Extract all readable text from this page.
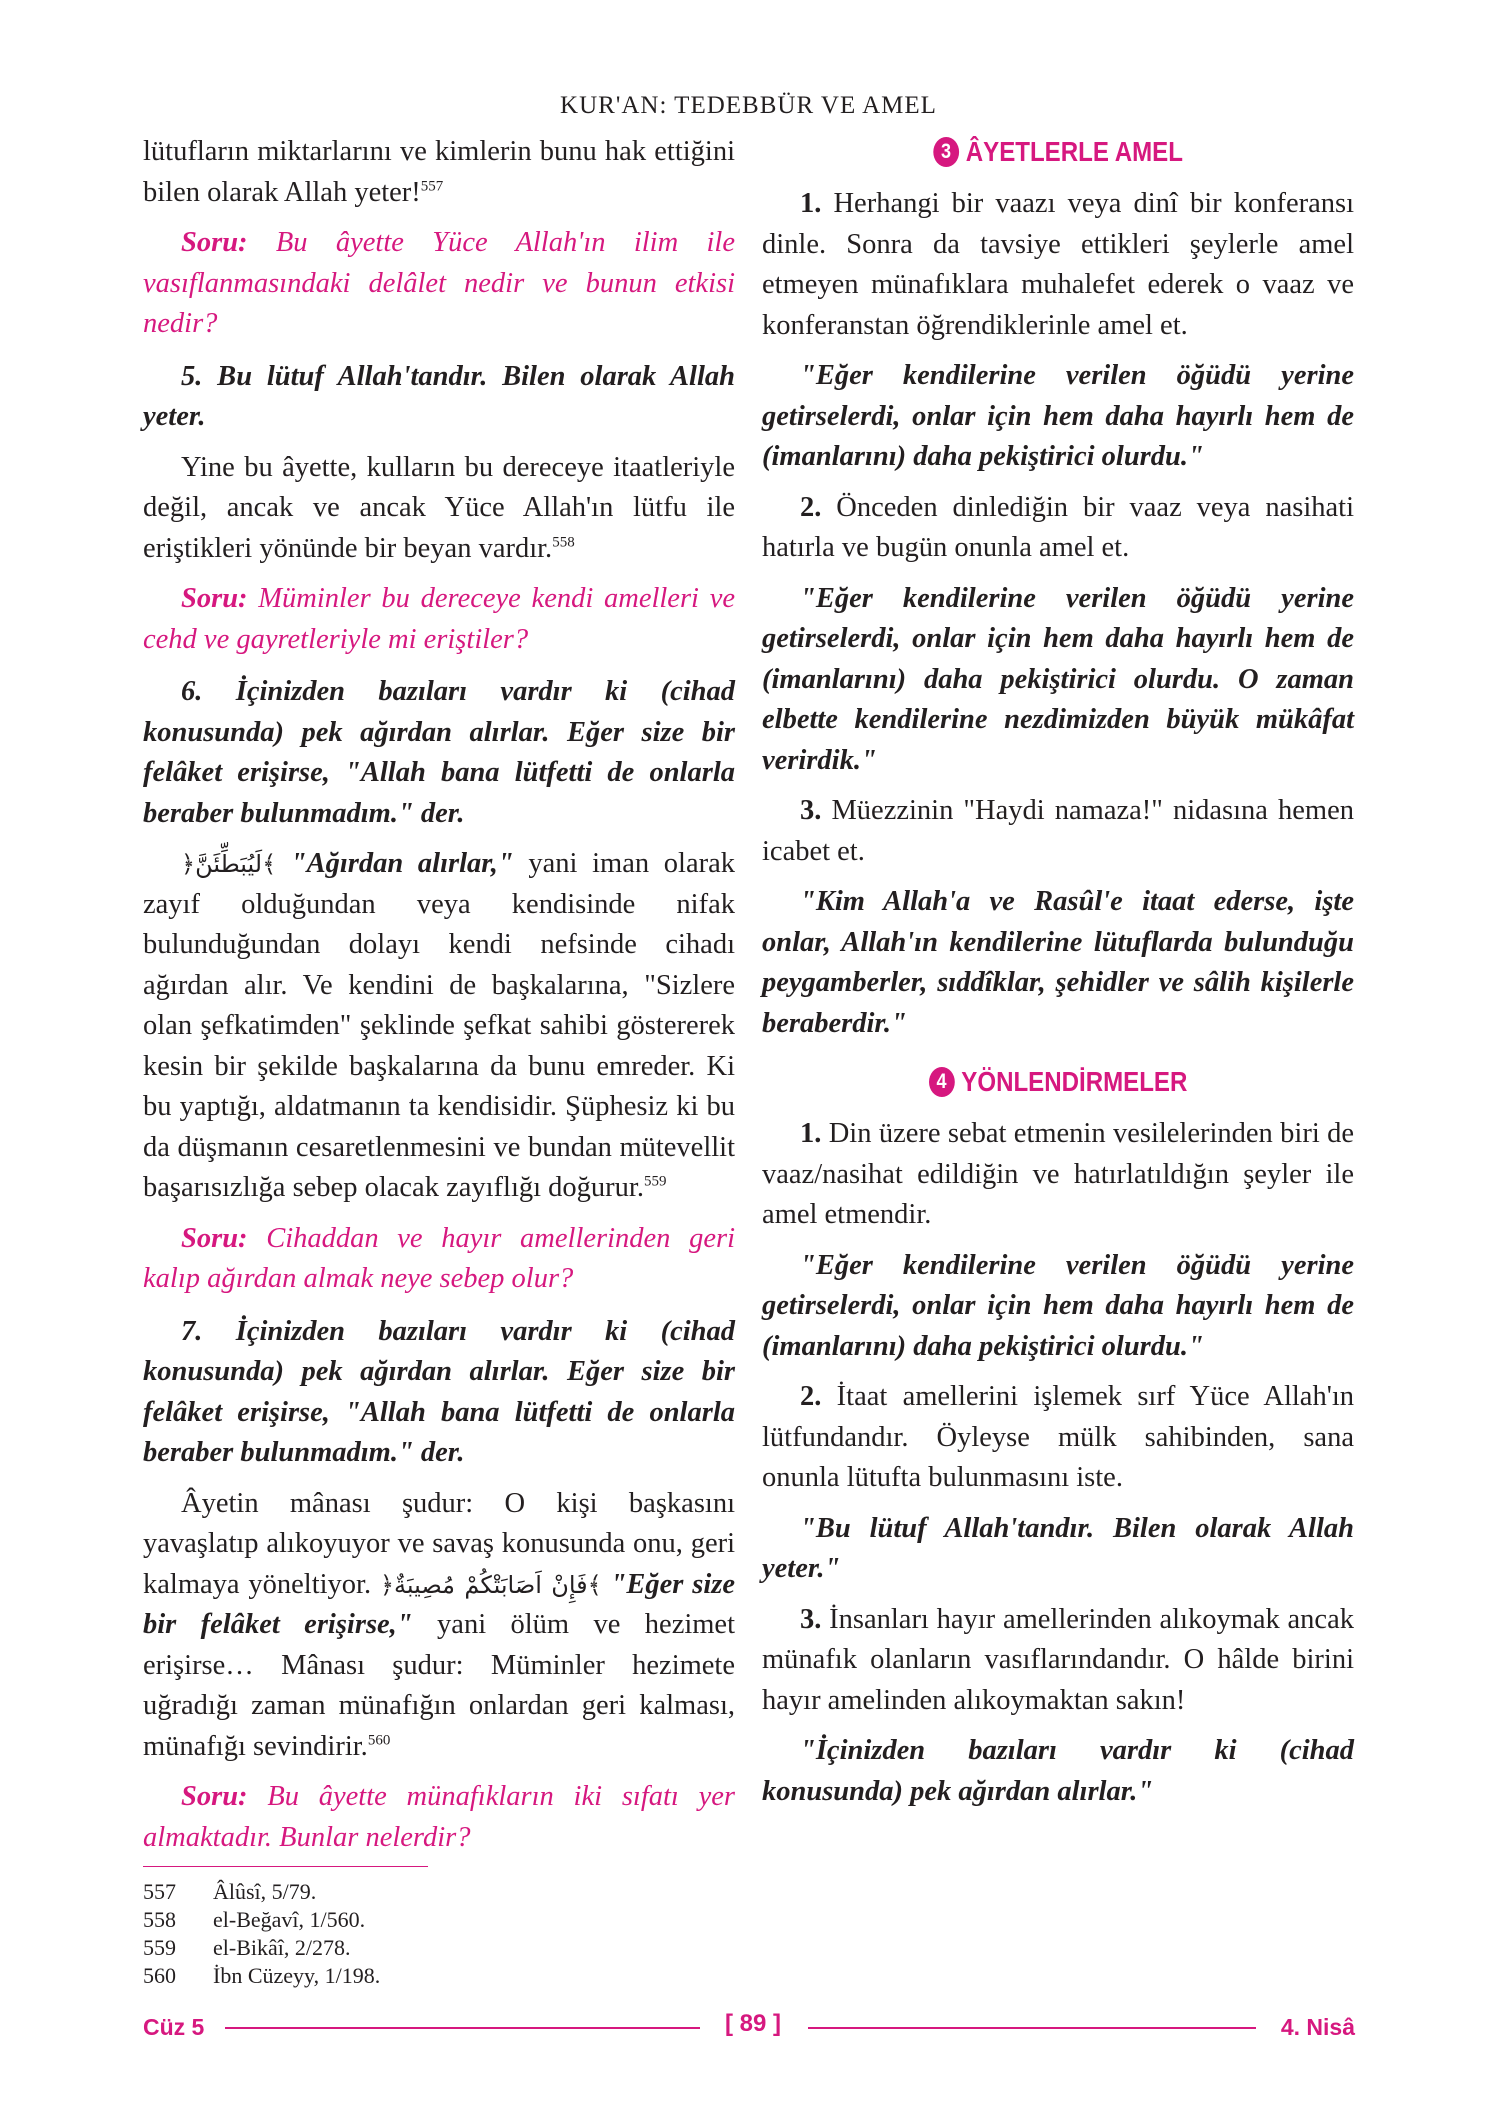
KUR'AN: TEDEBBÜR VE AMEL

lütufların miktarlarını ve kimlerin bunu hak ettiğini bilen olarak Allah yeter!$^{557}$

Soru: Bu âyette Yüce Allah'ın ilim ile vasıflanmasındaki delâlet nedir ve bunun etkisi nedir?

5. Bu lütuf Allah'tandır. Bilen olarak Allah yeter.

Yine bu âyette, kulların bu dereceye itaatleriyle değil, ancak ve ancak Yüce Allah'ın lütfu ile eriştikleri yönünde bir beyan vardır.$^{558}$

Soru: Müminler bu dereceye kendi amelleri ve cehd ve gayretleriyle mi eriştiler?

6. İçinizden bazıları vardır ki (cihad konusunda) pek ağırdan alırlar. Eğer size bir felâket erişirse, "Allah bana lütfetti de onlarla beraber bulunmadım." der.

﴿لَيُبَطِّئَنَّ﴾ "Ağırdan alırlar," yani iman olarak zayıf olduğundan veya kendisinde nifak bulunduğundan dolayı kendi nefsinde cihadı ağırdan alır. Ve kendini de başkalarına, "Sizlere olan şefkatimden" şeklinde şefkat sahibi göstererek kesin bir şekilde başkalarına da bunu emreder. Ki bu yaptığı, aldatmanın ta kendisidir. Şüphesiz ki bu da düşmanın cesaretlenmesini ve bundan mütevellit başarısızlığa sebep olacak zayıflığı doğurur.$^{559}$

Soru: Cihaddan ve hayır amellerinden geri kalıp ağırdan almak neye sebep olur?

7. İçinizden bazıları vardır ki (cihad konusunda) pek ağırdan alırlar. Eğer size bir felâket erişirse, "Allah bana lütfetti de onlarla beraber bulunmadım." der.

Âyetin mânası şudur: O kişi başkasını yavaşlatıp alıkoyuyor ve savaş konusunda onu, geri kalmaya yöneltiyor. ﴿فَإِنْ اَصَابَتْكُمْ مُصِيبَةٌ﴾ "Eğer size bir felâket erişirse," yani ölüm ve hezimet erişirse… Mânası şudur: Müminler hezimete uğradığı zaman münafığın onlardan geri kalması, münafığı sevindirir.$^{560}$

Soru: Bu âyette münafıkların iki sıfatı yer almaktadır. Bunlar nelerdir?

3 ÂYETLERLE AMEL

1. Herhangi bir vaazı veya dinî bir konferansı dinle. Sonra da tavsiye ettikleri şeylerle amel etmeyen münafıklara muhalefet ederek o vaaz ve konferanstan öğrendiklerinle amel et.

"Eğer kendilerine verilen öğüdü yerine getirselerdi, onlar için hem daha hayırlı hem de (imanlarını) daha pekiştirici olurdu."

2. Önceden dinlediğin bir vaaz veya nasihati hatırla ve bugün onunla amel et.

"Eğer kendilerine verilen öğüdü yerine getirselerdi, onlar için hem daha hayırlı hem de (imanlarını) daha pekiştirici olurdu. O zaman elbette kendilerine nezdimizden büyük mükâfat verirdik."

3. Müezzinin "Haydi namaza!" nidasına hemen icabet et.

"Kim Allah'a ve Rasûl'e itaat ederse, işte onlar, Allah'ın kendilerine lütuflarda bulunduğu peygamberler, sıddîklar, şehidler ve sâlih kişilerle beraberdir."

4 YÖNLENDİRMELER

1. Din üzere sebat etmenin vesilelerinden biri de vaaz/nasihat edildiğin ve hatırlatıldığın şeyler ile amel etmendir.

"Eğer kendilerine verilen öğüdü yerine getirselerdi, onlar için hem daha hayırlı hem de (imanlarını) daha pekiştirici olurdu."

2. İtaat amellerini işlemek sırf Yüce Allah'ın lütfundandır. Öyleyse mülk sahibinden, sana onunla lütufta bulunmasını iste.

"Bu lütuf Allah'tandır. Bilen olarak Allah yeter."

3. İnsanları hayır amellerinden alıkoymak ancak münafık olanların vasıflarındandır. O hâlde birini hayır amelinden alıkoymaktan sakın!

"İçinizden bazıları vardır ki (cihad konusunda) pek ağırdan alırlar."

557	Âlûsî, 5/79.
558	el-Beğavî, 1/560.
559	el-Bikâî, 2/278.
560	İbn Cüzeyy, 1/198.
Cüz 5	[ 89 ]	4. Nisâ
